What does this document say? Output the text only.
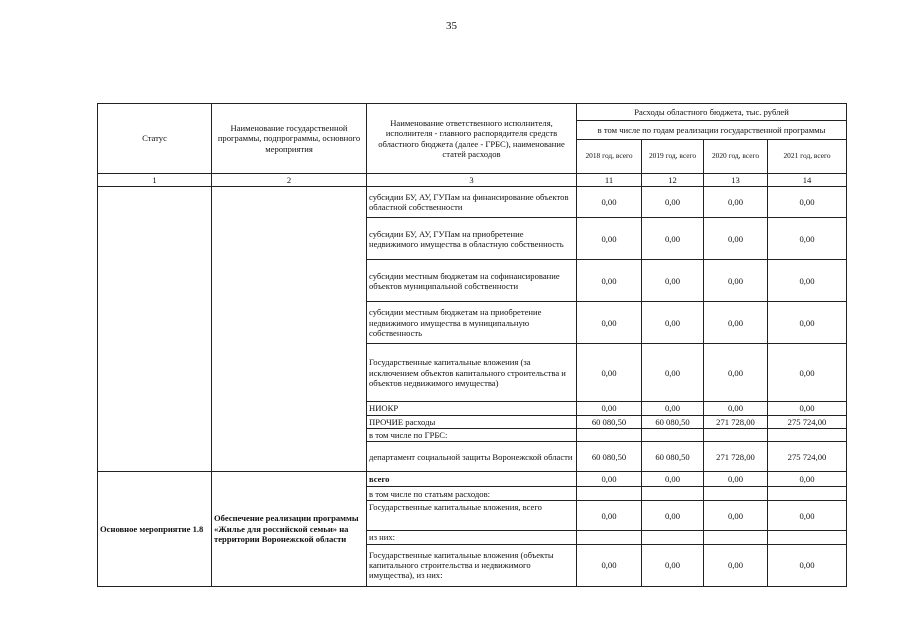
35
Статус	Наименование государственной программы, подпрограммы, основного мероприятия	Наименование ответственного исполнителя, исполнителя - главного распорядителя средств областного бюджета (далее - ГРБС), наименование статей расходов	Расходы областного бюджета, тыс. рублей			
			в том числе по годам реализации государственной программы			
			2018 год, всего	2019 год, всего	2020 год, всего	2021 год, всего
1	2	3	11	12	13	14
		субсидии БУ, АУ, ГУПам на финансирование объектов областной собственности	0,00	0,00	0,00	0,00
		субсидии БУ, АУ, ГУПам на приобретение недвижимого имущества в областную собственность	0,00	0,00	0,00	0,00
		субсидии местным бюджетам на софинансирование объектов муниципальной собственности	0,00	0,00	0,00	0,00
		субсидии местным бюджетам на приобретение недвижимого имущества в муниципальную собственность	0,00	0,00	0,00	0,00
		Государственные капитальные вложения (за исключением объектов капитального строительства и объектов недвижимого имущества)	0,00	0,00	0,00	0,00
		НИОКР	0,00	0,00	0,00	0,00
		ПРОЧИЕ расходы	60 080,50	60 080,50	271 728,00	275 724,00
		в том числе по ГРБС:				
		департамент социальной защиты Воронежской области	60 080,50	60 080,50	271 728,00	275 724,00
Основное мероприятие 1.8	Обеспечение реализации программы «Жилье для российской семьи» на территории Воронежской области	всего	0,00	0,00	0,00	0,00
		в том числе по статьям расходов:				
		Государственные капитальные вложения, всего	0,00	0,00	0,00	0,00
		из них:				
		Государственные капитальные вложения (объекты капитального строительства и недвижимого имущества), из них:	0,00	0,00	0,00	0,00
